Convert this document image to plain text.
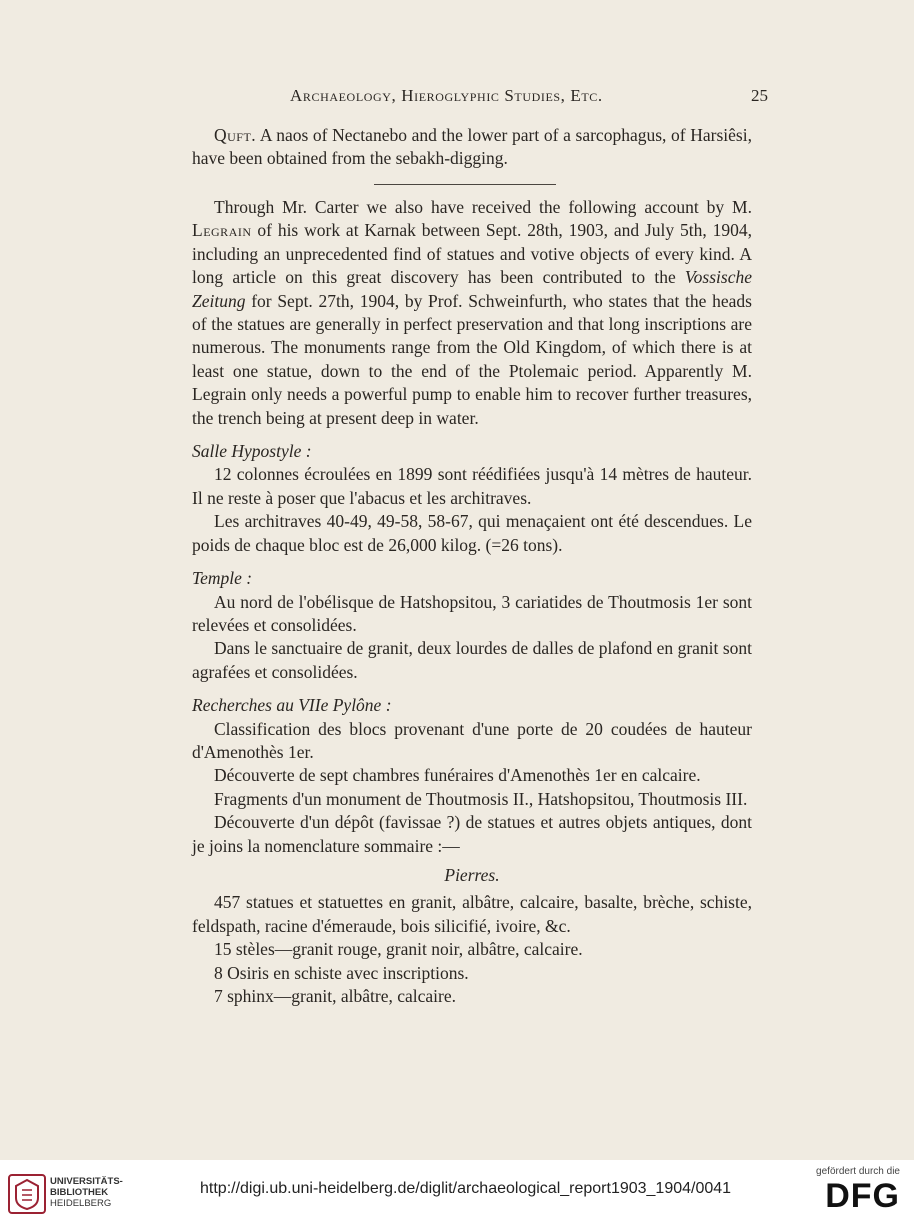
Archaeology, Hieroglyphic Studies, Etc.	25

Quft. A naos of Nectanebo and the lower part of a sarcophagus, of Harsiêsi, have been obtained from the sebakh-digging.

Through Mr. Carter we also have received the following account by M. Legrain of his work at Karnak between Sept. 28th, 1903, and July 5th, 1904, including an unprecedented find of statues and votive objects of every kind. A long article on this great discovery has been contributed to the Vossische Zeitung for Sept. 27th, 1904, by Prof. Schweinfurth, who states that the heads of the statues are generally in perfect preservation and that long inscriptions are numerous. The monuments range from the Old Kingdom, of which there is at least one statue, down to the end of the Ptolemaic period. Apparently M. Legrain only needs a powerful pump to enable him to recover further treasures, the trench being at present deep in water.

Salle Hypostyle :

12 colonnes écroulées en 1899 sont réédifiées jusqu'à 14 mètres de hauteur. Il ne reste à poser que l'abacus et les architraves.

Les architraves 40-49, 49-58, 58-67, qui menaçaient ont été descendues. Le poids de chaque bloc est de 26,000 kilog. (=26 tons).

Temple :

Au nord de l'obélisque de Hatshopsitou, 3 cariatides de Thoutmosis 1er sont relevées et consolidées.

Dans le sanctuaire de granit, deux lourdes de dalles de plafond en granit sont agrafées et consolidées.

Recherches au VIIe Pylône :

Classification des blocs provenant d'une porte de 20 coudées de hauteur d'Amenothès 1er.

Découverte de sept chambres funéraires d'Amenothès 1er en calcaire.

Fragments d'un monument de Thoutmosis II., Hatshopsitou, Thoutmosis III.

Découverte d'un dépôt (favissae ?) de statues et autres objets antiques, dont je joins la nomenclature sommaire :—

Pierres.

457 statues et statuettes en granit, albâtre, calcaire, basalte, brèche, schiste, feldspath, racine d'émeraude, bois silicifié, ivoire, &c.

15 stèles—granit rouge, granit noir, albâtre, calcaire.

8 Osiris en schiste avec inscriptions.

7 sphinx—granit, albâtre, calcaire.

UNIVERSITÄTS-
BIBLIOTHEK
HEIDELBERG
http://digi.ub.uni-heidelberg.de/diglit/archaeological_report1903_1904/0041
gefördert durch die
DFG
